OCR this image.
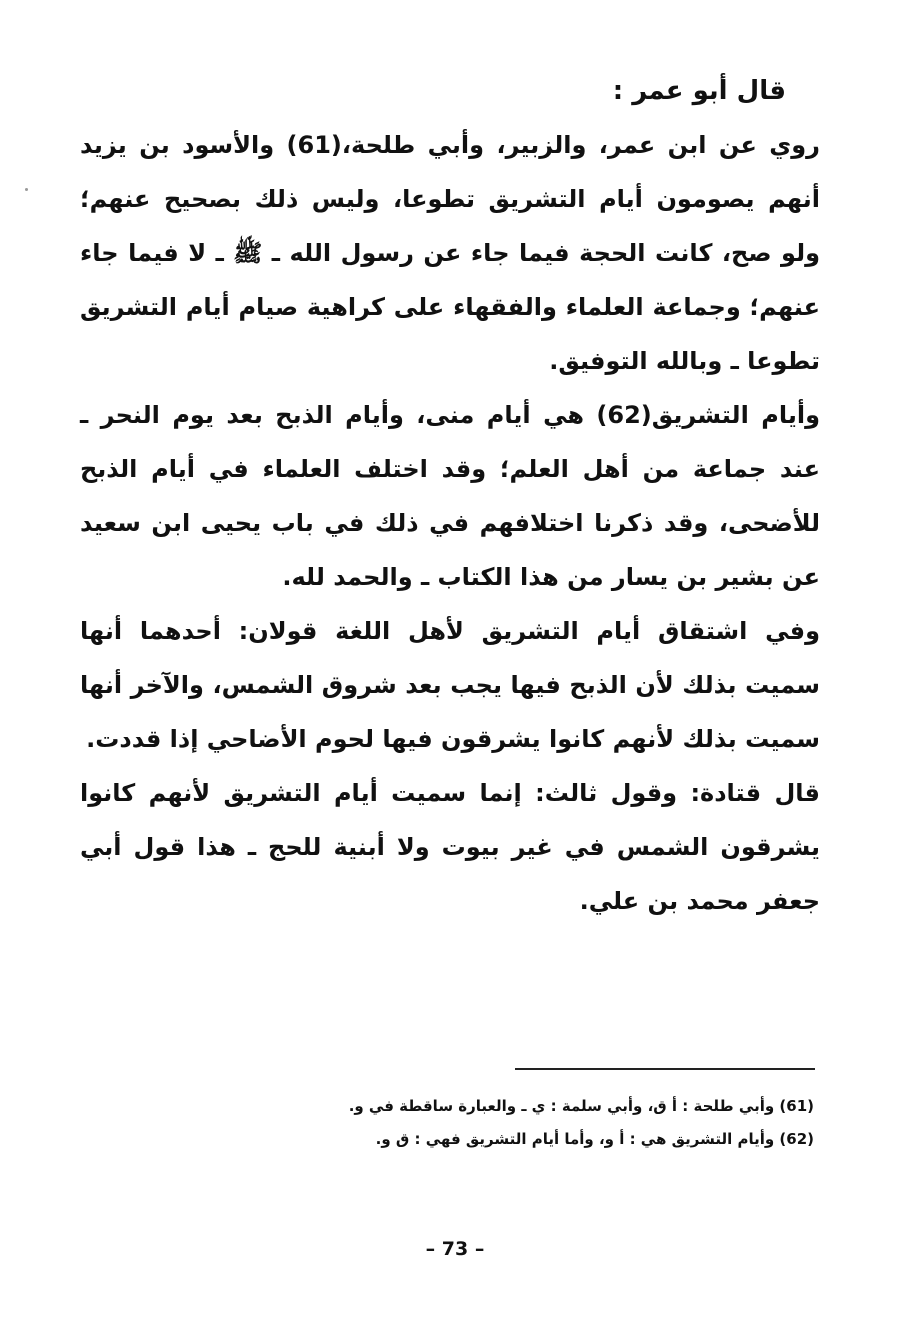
قال أبو عمر :

روي عن ابن عمر، والزبير، وأبي طلحة،(61) والأسود بن يزيد أنهم يصومون أيام التشريق تطوعا، وليس ذلك بصحيح عنهم؛ ولو صح، كانت الحجة فيما جاء عن رسول الله ـ ﷺ ـ لا فيما جاء عنهم؛ وجماعة العلماء والفقهاء على كراهية صيام أيام التشريق تطوعا ـ وبالله التوفيق.

وأيام التشريق(62) هي أيام منى، وأيام الذبح بعد يوم النحر ـ عند جماعة من أهل العلم؛ وقد اختلف العلماء في أيام الذبح للأضحى، وقد ذكرنا اختلافهم في ذلك في باب يحيى ابن سعيد عن بشير بن يسار من هذا الكتاب ـ والحمد لله.

وفي اشتقاق أيام التشريق لأهل اللغة قولان: أحدهما أنها سميت بذلك لأن الذبح فيها يجب بعد شروق الشمس، والآخر أنها سميت بذلك لأنهم كانوا يشرقون فيها لحوم الأضاحي إذا قددت.

قال قتادة: وقول ثالث: إنما سميت أيام التشريق لأنهم كانوا يشرقون الشمس في غير بيوت ولا أبنية للحج ـ هذا قول أبي جعفر محمد بن علي.

(61) وأبي طلحة : أ ق، وأبي سلمة : ي ـ والعبارة ساقطة في و.
(62) وأيام التشريق هي : أ و، وأما أيام التشريق فهي : ق و.
– 73 –
